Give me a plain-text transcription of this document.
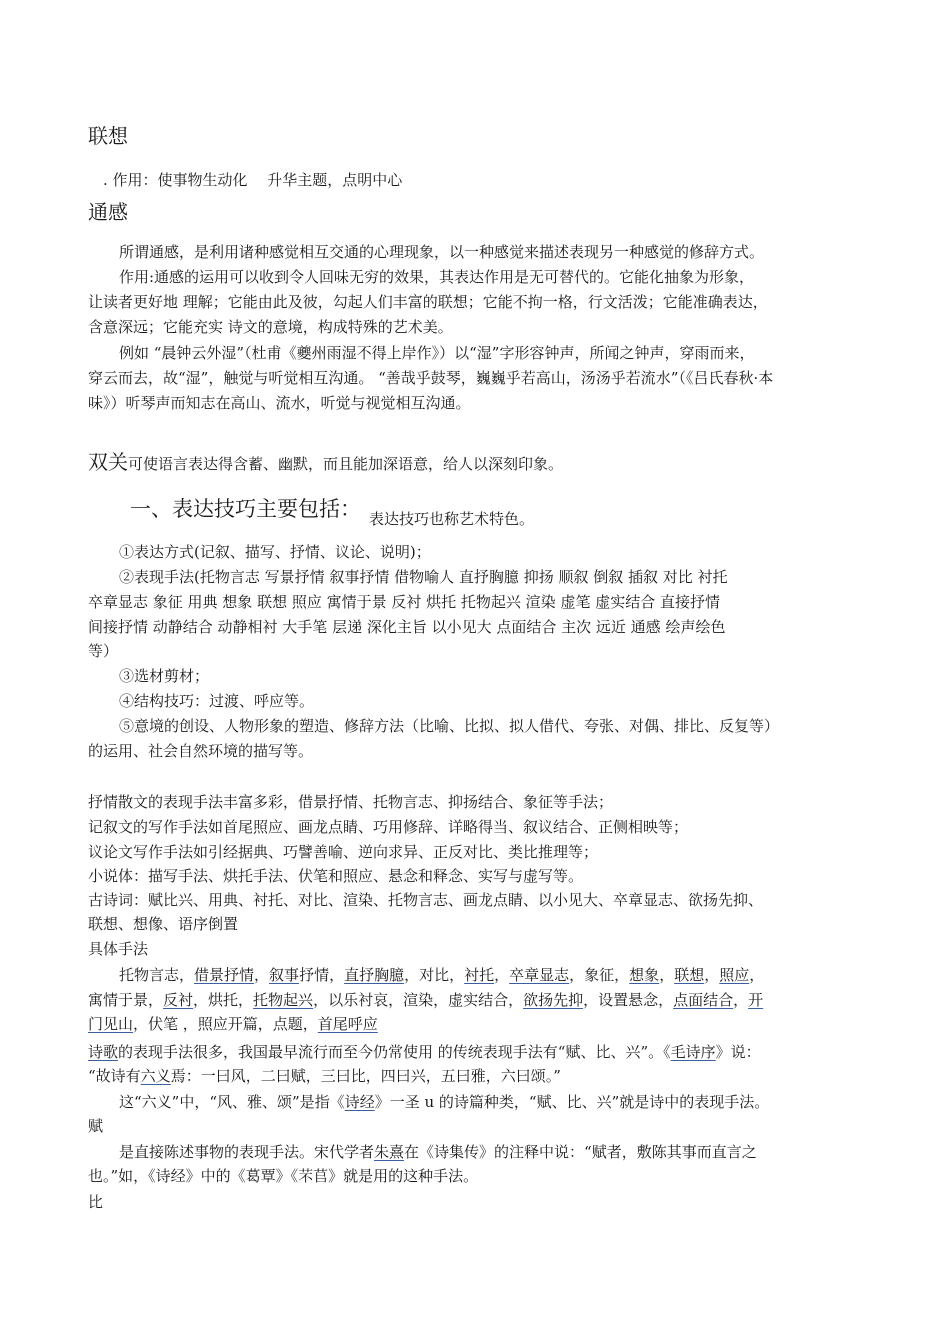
联想
. 作用：使事物生动化　 升华主题，点明中心
通感
所谓通感，是利用诸种感觉相互交通的心理现象，以一种感觉来描述表现另一种感觉的修辞方式。
作用:通感的运用可以收到令人回味无穷的效果，其表达作用是无可替代的。它能化抽象为形象，
让读者更好地 理解；它能由此及彼，勾起人们丰富的联想；它能不拘一格，行文活泼；它能准确表达，
含意深远；它能充实 诗文的意境，构成特殊的艺术美。
例如 “晨钟云外湿”（杜甫《夔州雨湿不得上岸作》）以“湿”字形容钟声，所闻之钟声，穿雨而来，
穿云而去，故“湿”，触觉与听觉相互沟通。 “善哉乎鼓琴，巍巍乎若高山，汤汤乎若流水”（《吕氏春秋·本
味》）听琴声而知志在高山、流水，听觉与视觉相互沟通。
双关可使语言表达得含蓄、幽默，而且能加深语意，给人以深刻印象。
一、表达技巧主要包括： $_{表达技巧也称艺术特色。}$
①表达方式(记叙、描写、抒情、议论、说明)；
②表现手法(托物言志 写景抒情 叙事抒情 借物喻人 直抒胸臆 抑扬 顺叙 倒叙 插叙 对比 衬托
卒章显志 象征 用典 想象 联想 照应 寓情于景 反衬 烘托 托物起兴 渲染 虚笔 虚实结合 直接抒情
间接抒情 动静结合 动静相衬 大手笔 层递 深化主旨 以小见大 点面结合 主次 远近 通感 绘声绘色
等）
③选材剪材；
④结构技巧：过渡、呼应等。
⑤意境的创设、人物形象的塑造、修辞方法（比喻、比拟、拟人借代、夸张、对偶、排比、反复等）
的运用、社会自然环境的描写等。
抒情散文的表现手法丰富多彩，借景抒情、托物言志、抑扬结合、象征等手法；
记叙文的写作手法如首尾照应、画龙点睛、巧用修辞、详略得当、叙议结合、正侧相映等；
议论文写作手法如引经据典、巧譬善喻、逆向求异、正反对比、类比推理等；
小说体：描写手法、烘托手法、伏笔和照应、悬念和释念、实写与虚写等。
古诗词：赋比兴、用典、衬托、对比、渲染、托物言志、画龙点睛、以小见大、卒章显志、欲扬先抑、
联想、想像、语序倒置
具体手法
托物言志，借景抒情，叙事抒情，直抒胸臆，对比，衬托，卒章显志，象征，想象，联想，照应，
寓情于景，反衬，烘托，托物起兴，以乐衬哀，渲染，虚实结合，欲扬先抑，设置悬念，点面结合，开
门见山，伏笔 ，照应开篇，点题，首尾呼应
诗歌的表现手法很多，我国最早流行而至今仍常使用 的传统表现手法有“赋、比、兴”。《毛诗序》说：
“故诗有六义焉：一曰风，二曰赋，三曰比，四曰兴，五曰雅，六曰颂。”
这“六义”中，“风、雅、颂”是指《诗经》一圣 u 的诗篇种类，“赋、比、兴”就是诗中的表现手法。
赋
是直接陈述事物的表现手法。宋代学者朱熹在《诗集传》的注释中说：“赋者，敷陈其事而直言之
也。”如，《诗经》中的《葛覃》《芣苢》就是用的这种手法。
比
